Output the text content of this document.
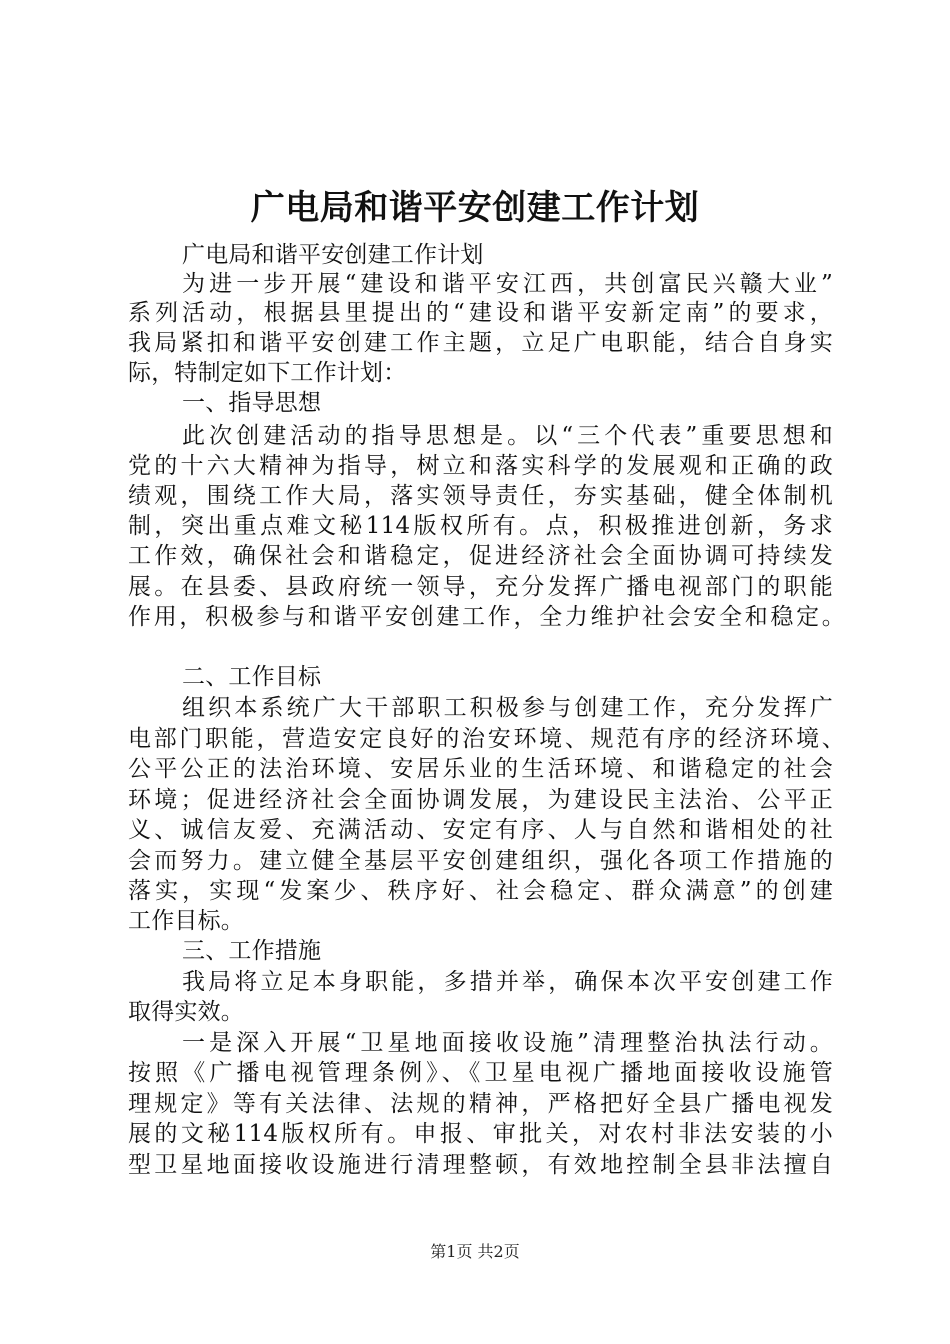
广电局和谐平安创建工作计划
广电局和谐平安创建工作计划
为进一步开展“建设和谐平安江西，共创富民兴赣大业”
系列活动，根据县里提出的“建设和谐平安新定南”的要求，
我局紧扣和谐平安创建工作主题，立足广电职能，结合自身实
际，特制定如下工作计划：
一、指导思想
此次创建活动的指导思想是。以“三个代表”重要思想和
党的十六大精神为指导，树立和落实科学的发展观和正确的政
绩观，围绕工作大局，落实领导责任，夯实基础，健全体制机
制，突出重点难文秘114版权所有。点，积极推进创新，务求
工作效，确保社会和谐稳定，促进经济社会全面协调可持续发
展。在县委、县政府统一领导，充分发挥广播电视部门的职能
作用，积极参与和谐平安创建工作，全力维护社会安全和稳定。
二、工作目标
组织本系统广大干部职工积极参与创建工作，充分发挥广
电部门职能，营造安定良好的治安环境、规范有序的经济环境、
公平公正的法治环境、安居乐业的生活环境、和谐稳定的社会
环境；促进经济社会全面协调发展，为建设民主法治、公平正
义、诚信友爱、充满活动、安定有序、人与自然和谐相处的社
会而努力。建立健全基层平安创建组织，强化各项工作措施的
落实，实现“发案少、秩序好、社会稳定、群众满意”的创建
工作目标。
三、工作措施
我局将立足本身职能，多措并举，确保本次平安创建工作
取得实效。
一是深入开展“卫星地面接收设施”清理整治执法行动。
按照《广播电视管理条例》、《卫星电视广播地面接收设施管
理规定》等有关法律、法规的精神，严格把好全县广播电视发
展的文秘114版权所有。申报、审批关，对农村非法安装的小
型卫星地面接收设施进行清理整顿，有效地控制全县非法擅自
第1页 共2页
